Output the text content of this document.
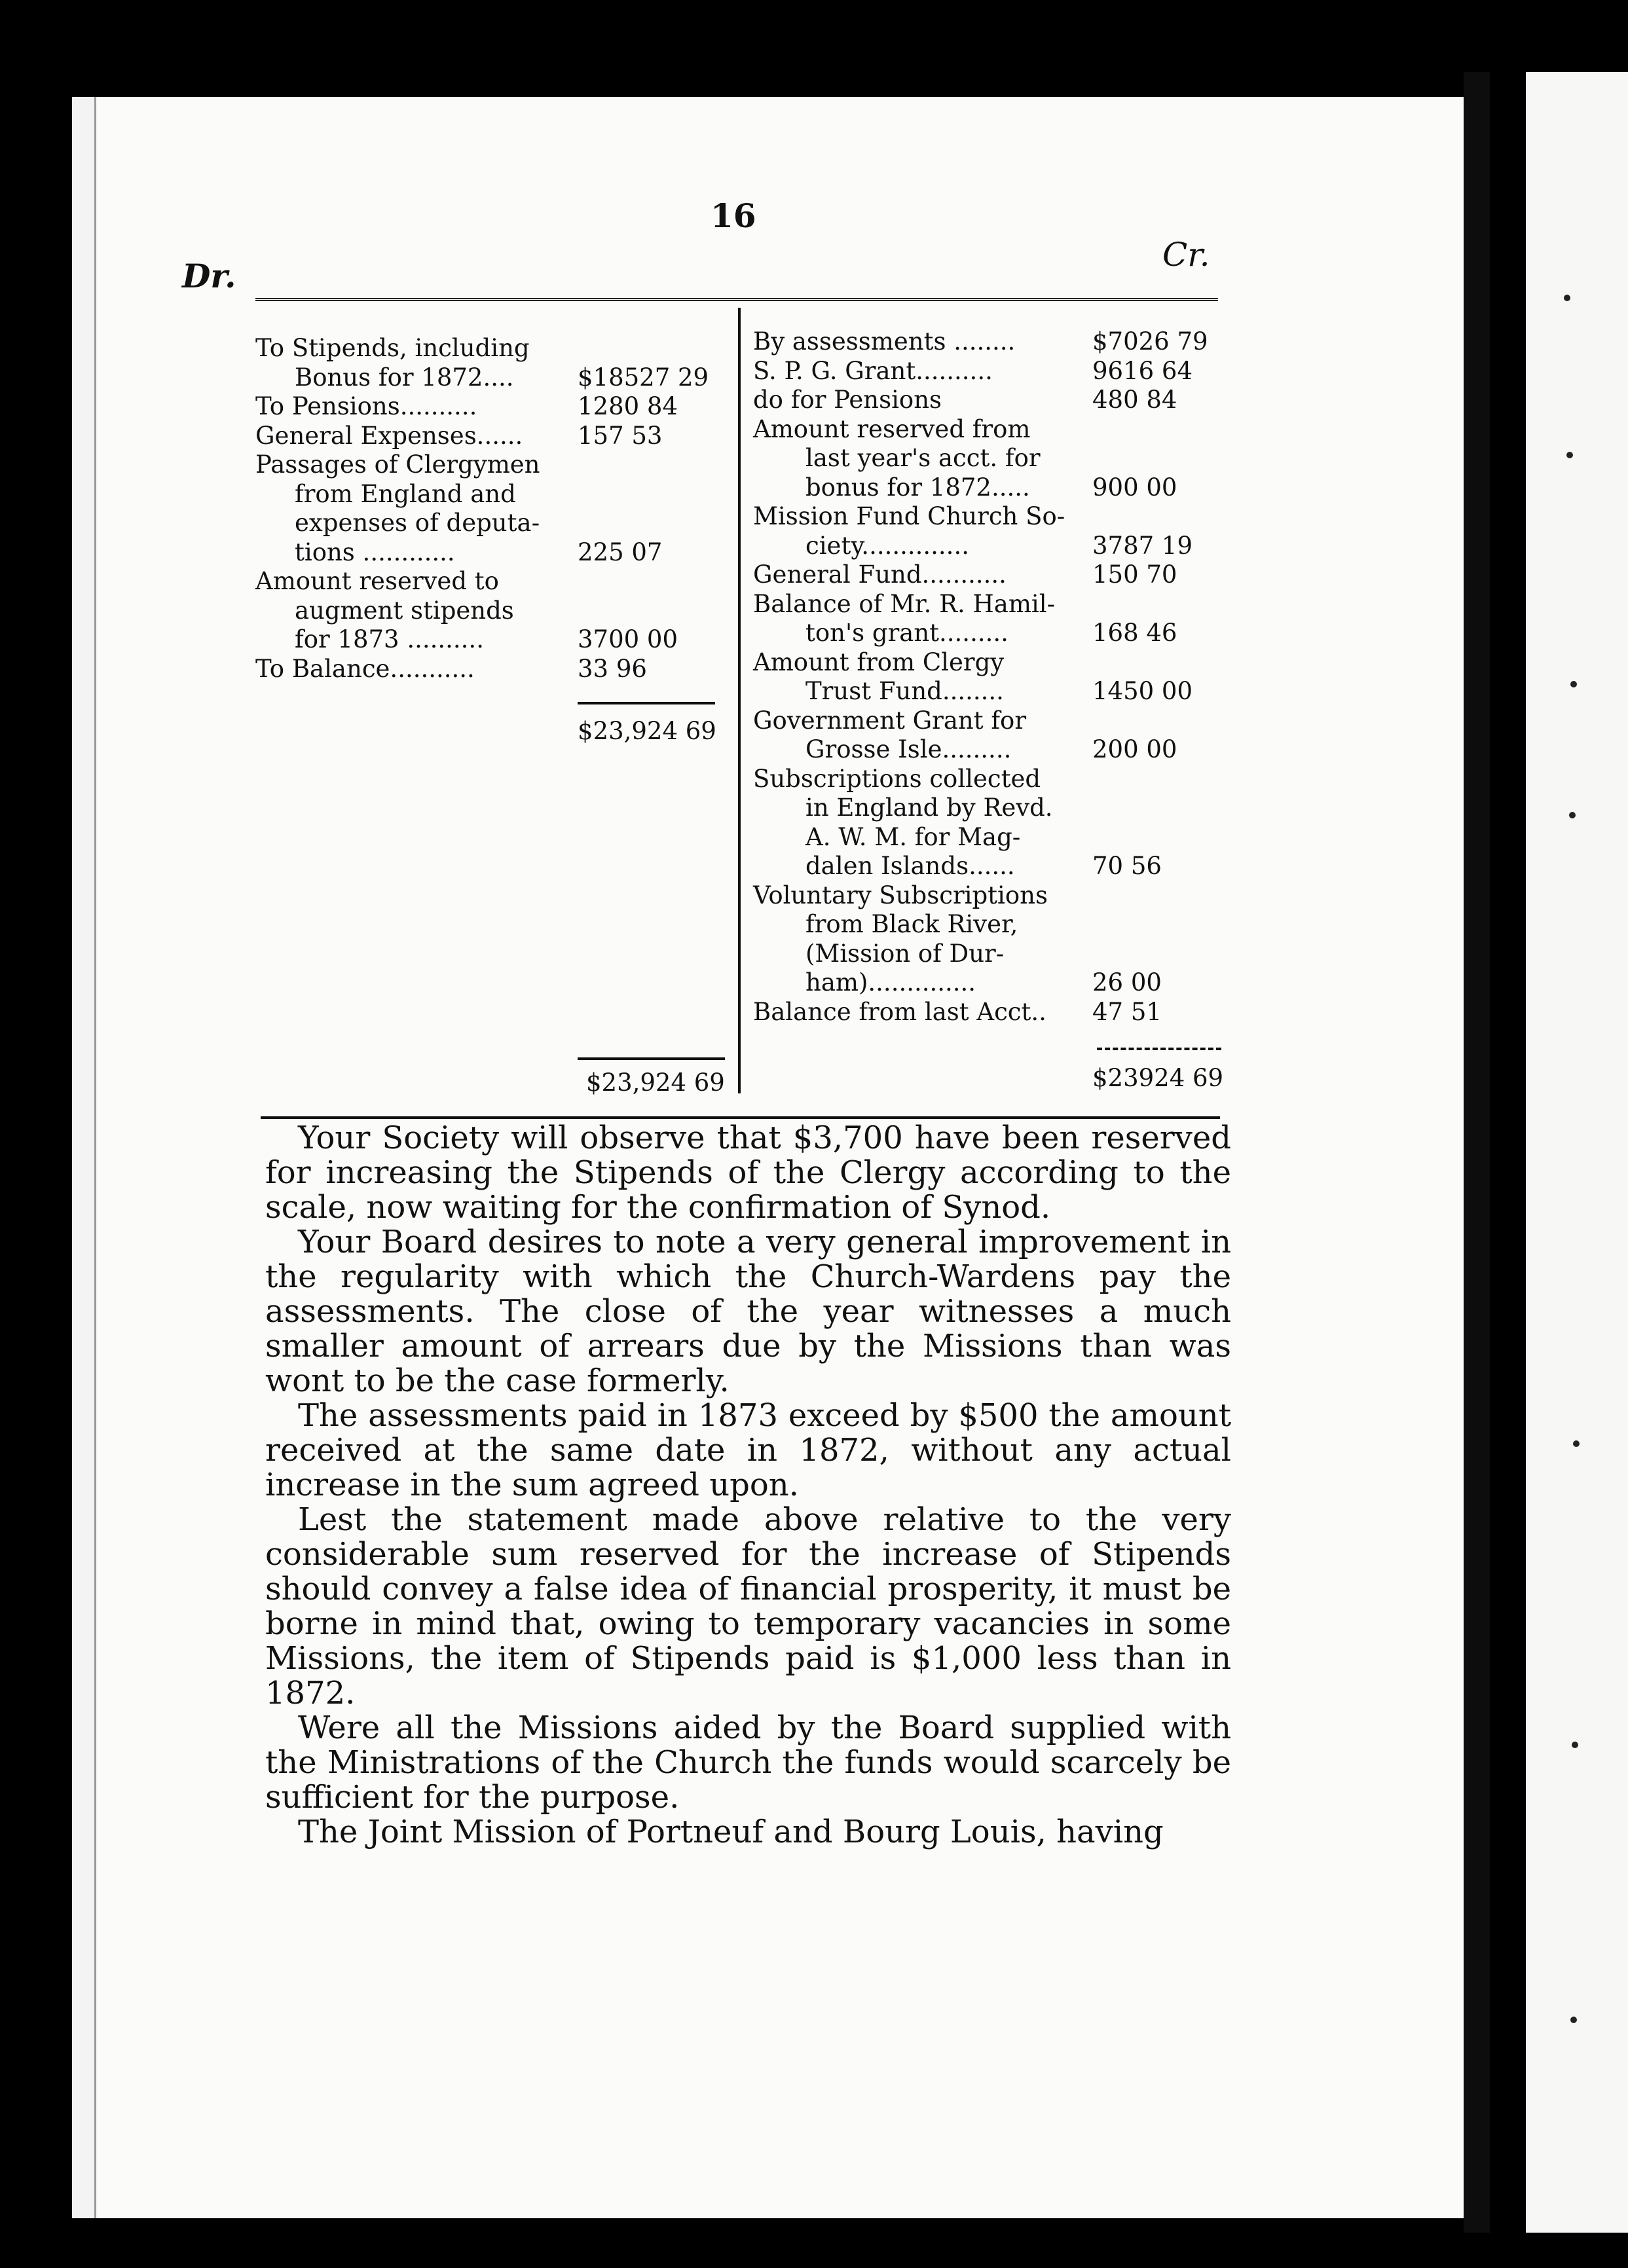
16
Dr.
Cr.
To Stipends, including
Bonus for 1872....	$18527 29
To Pensions..........	1280 84
General Expenses...... 157 53
Passages of Clergymen
from England and
expenses of deputa-
tions ............	225 07
Amount reserved to
augment stipends
for 1873 ..........	3700 00
To Balance...........	33 96
By assessments ........	$7026 79
S. P. G. Grant..........	9616 64
do for Pensions	480 84
Amount reserved from
last year's acct. for
bonus for 1872.....	900 00
Mission Fund Church So-
ciety..............	3787 19
General Fund...........	150 70
Balance of Mr. R. Hamil-
ton's grant.........	168 46
Amount from Clergy
Trust Fund........	1450 00
Government Grant for
Grosse Isle.........	200 00
Subscriptions collected
in England by Revd.
A. W. M. for Mag-
dalen Islands......	70 56
Voluntary Subscriptions
from Black River,
(Mission of Dur-
ham)..............	26 00
Balance from last Acct.. 47 51
$23,924 69
$23,924 69	$23924 69

Your Society will observe that $3,700 have been reserved for increasing the Stipends of the Clergy according to the scale, now waiting for the confirmation of Synod.

Your Board desires to note a very general improvement in the regularity with which the Church-Wardens pay the assessments. The close of the year witnesses a much smaller amount of arrears due by the Missions than was wont to be the case formerly.

The assessments paid in 1873 exceed by $500 the amount received at the same date in 1872, without any actual increase in the sum agreed upon.

Lest the statement made above relative to the very considerable sum reserved for the increase of Stipends should convey a false idea of financial prosperity, it must be borne in mind that, owing to temporary vacancies in some Missions, the item of Stipends paid is $1,000 less than in 1872.

Were all the Missions aided by the Board supplied with the Ministrations of the Church the funds would scarcely be sufficient for the purpose.

The Joint Mission of Portneuf and Bourg Louis, having
